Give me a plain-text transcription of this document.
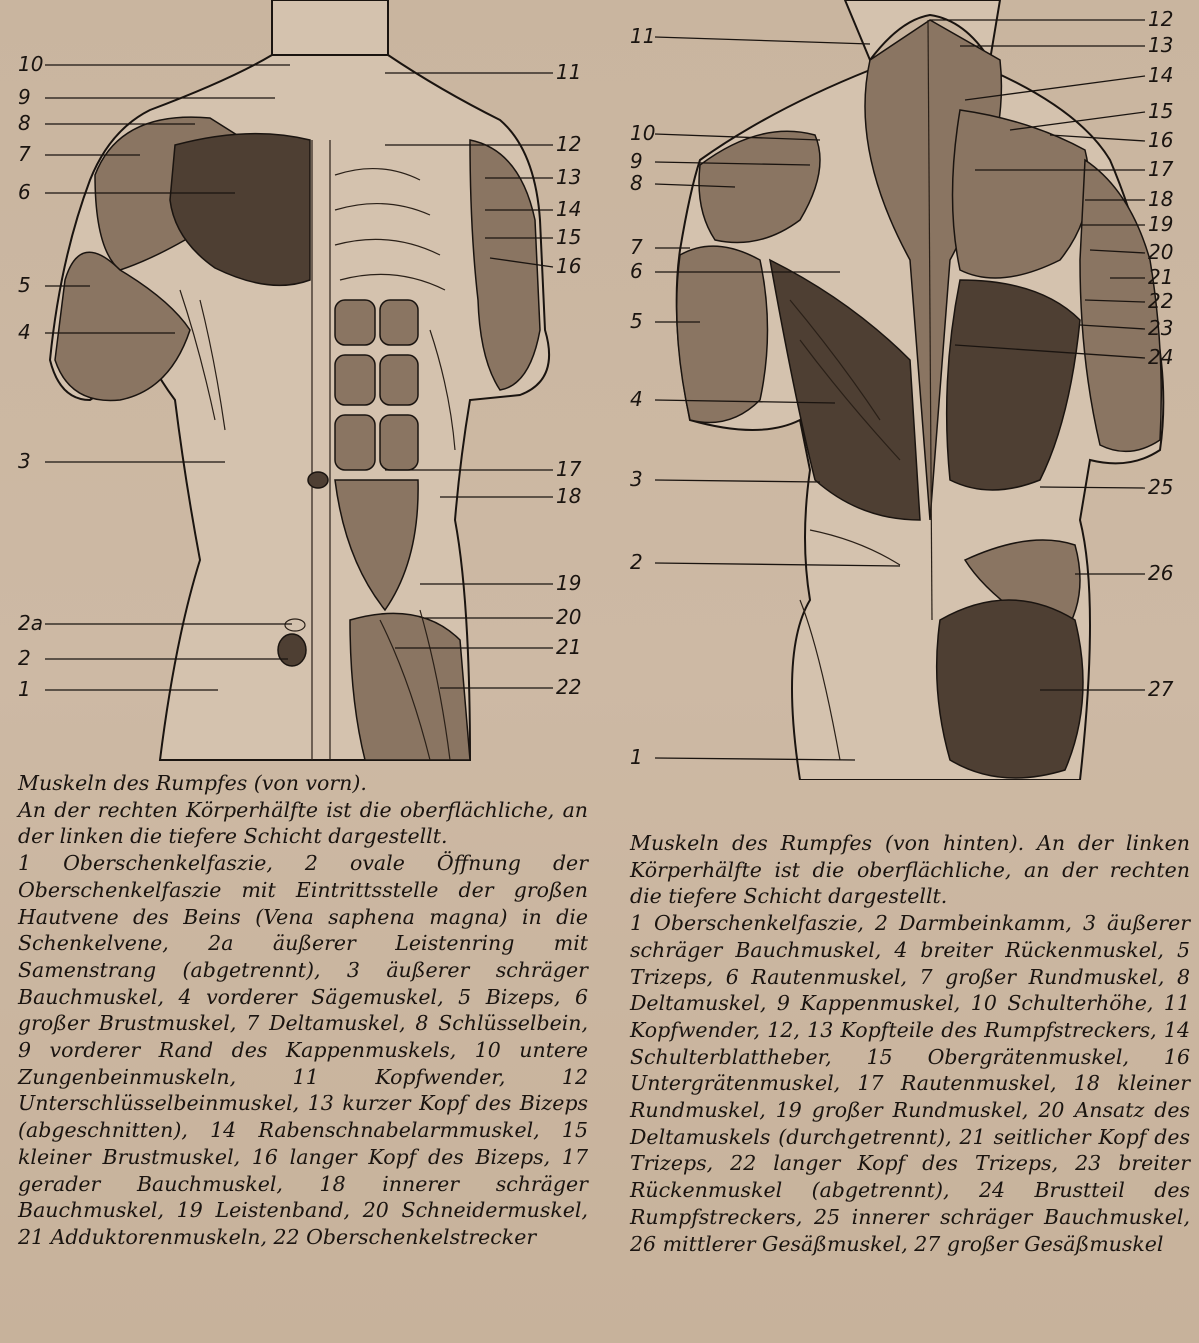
10
9
8
7
6
5
4
3
2a
2
1
11
12
13
14
15
16
17
18
19
20
21
22
11
10
9
8
7
6
5
4
3
2
1
12
13
14
15
16
17
18
19
20
21
22
23
24
25
26
27

Muskeln des Rumpfes (von vorn).

An der rechten Körperhälfte ist die oberflächliche, an der linken die tiefere Schicht dargestellt.

1 Oberschenkelfaszie, 2 ovale Öffnung der Oberschenkelfaszie mit Eintrittsstelle der großen Hautvene des Beins (Vena saphena magna) in die Schenkelvene, 2a äußerer Leistenring mit Samenstrang (abgetrennt), 3 äußerer schräger Bauchmuskel, 4 vorderer Sägemuskel, 5 Bizeps, 6 großer Brustmuskel, 7 Deltamuskel, 8 Schlüsselbein, 9 vorderer Rand des Kappenmuskels, 10 untere Zungenbeinmuskeln, 11 Kopfwender, 12 Unterschlüsselbeinmuskel, 13 kurzer Kopf des Bizeps (abgeschnitten), 14 Rabenschnabelarmmuskel, 15 kleiner Brustmuskel, 16 langer Kopf des Bizeps, 17 gerader Bauchmuskel, 18 innerer schräger Bauchmuskel, 19 Leistenband, 20 Schneidermuskel, 21 Adduktorenmuskeln, 22 Oberschenkelstrecker

Muskeln des Rumpfes (von hinten). An der linken Körperhälfte ist die oberflächliche, an der rechten die tiefere Schicht dargestellt.

1 Oberschenkelfaszie, 2 Darmbeinkamm, 3 äußerer schräger Bauchmuskel, 4 breiter Rückenmuskel, 5 Trizeps, 6 Rautenmuskel, 7 großer Rundmuskel, 8 Deltamuskel, 9 Kappenmuskel, 10 Schulterhöhe, 11 Kopfwender, 12, 13 Kopfteile des Rumpfstreckers, 14 Schulterblattheber, 15 Obergrätenmuskel, 16 Untergrätenmuskel, 17 Rautenmuskel, 18 kleiner Rundmuskel, 19 großer Rundmuskel, 20 Ansatz des Deltamuskels (durchgetrennt), 21 seitlicher Kopf des Trizeps, 22 langer Kopf des Trizeps, 23 breiter Rückenmuskel (abgetrennt), 24 Brustteil des Rumpfstreckers, 25 innerer schräger Bauchmuskel, 26 mittlerer Gesäßmuskel, 27 großer Gesäßmuskel
